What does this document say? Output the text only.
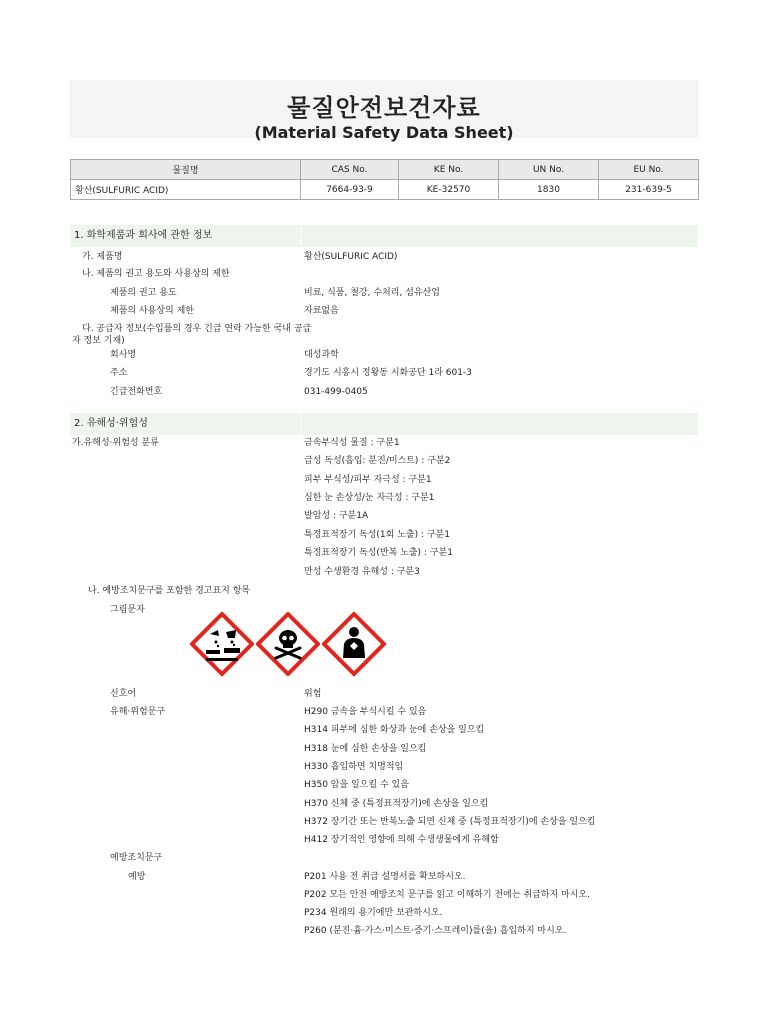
물질안전보건자료
(Material Safety Data Sheet)
물질명	CAS No.	KE No.	UN No.	EU No.
황산(SULFURIC ACID)	7664-93-9	KE-32570	1830	231-639-5
1. 화학제품과 회사에 관한 정보
가. 제품명	황산(SULFURIC ACID)
나. 제품의 권고 용도와 사용상의 제한
제품의 권고 용도	비료, 식품, 철강, 수처리, 섬유산업
제품의 사용상의 제한	자료없음
다. 공급자 정보(수입품의 경우 긴급 연락 가능한 국내 공급자 정보 기재)
회사명	대성과학
주소	경기도 시흥시 정왕동 시화공단 1라 601-3
긴급전화번호	031-499-0405
2. 유해성·위험성
가.유해성·위험성 분류	금속부식성 물질 : 구분1
급성 독성(흡입: 분진/미스트) : 구분2
피부 부식성/피부 자극성 : 구분1
심한 눈 손상성/눈 자극성 : 구분1
발암성 : 구분1A
특정표적장기 독성(1회 노출) : 구분1
특정표적장기 독성(반복 노출) : 구분1
만성 수생환경 유해성 : 구분3
나. 예방조치문구를 포함한 경고표지 항목
그림문자
신호어	위험
유해·위험문구	H290 금속을 부식시킬 수 있음
H314 피부에 심한 화상과 눈에 손상을 일으킴
H318 눈에 심한 손상을 일으킴
H330 흡입하면 치명적임
H350 암을 일으킬 수 있음
H370 신체 중 (특정표적장기)에 손상을 일으킴
H372 장기간 또는 반복노출 되면 신체 중 (특정표적장기)에 손상을 일으킴
H412 장기적인 영향에 의해 수생생물에게 유해함
예방조치문구
예방	P201 사용 전 취급 설명서를 확보하시오.
P202 모든 안전 예방조치 문구를 읽고 이해하기 전에는 취급하지 마시오.
P234 원래의 용기에만 보관하시오.
P260 (분진·흄·가스·미스트·증기·스프레이)를(을) 흡입하지 마시오.
